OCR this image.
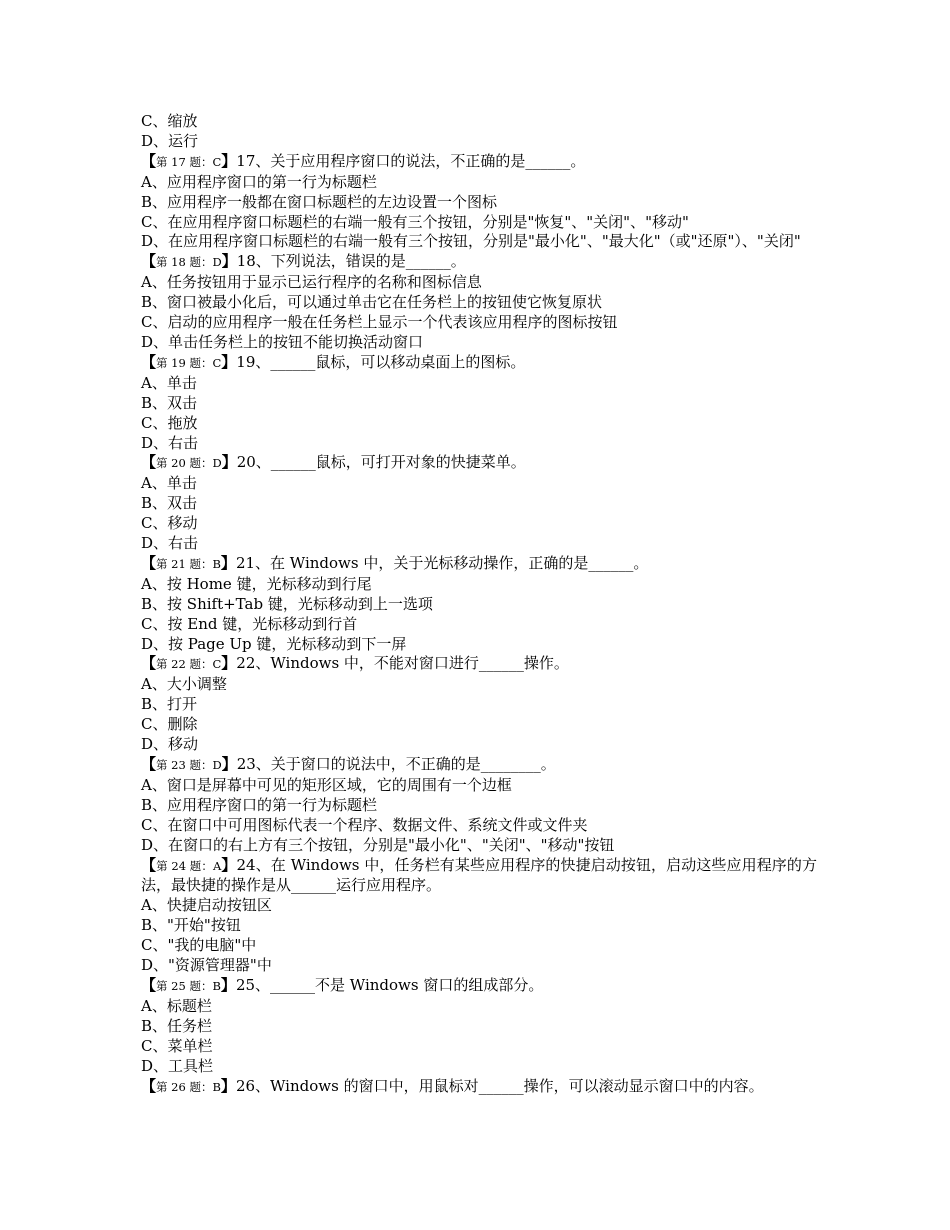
C、缩放
D、运行
【第 17 题：C】17、关于应用程序窗口的说法，不正确的是______。
A、应用程序窗口的第一行为标题栏
B、应用程序一般都在窗口标题栏的左边设置一个图标
C、在应用程序窗口标题栏的右端一般有三个按钮，分别是"恢复"、"关闭"、"移动"
D、在应用程序窗口标题栏的右端一般有三个按钮，分别是"最小化"、"最大化"（或"还原"）、"关闭"
【第 18 题：D】18、下列说法，错误的是______。
A、任务按钮用于显示已运行程序的名称和图标信息
B、窗口被最小化后，可以通过单击它在任务栏上的按钮使它恢复原状
C、启动的应用程序一般在任务栏上显示一个代表该应用程序的图标按钮
D、单击任务栏上的按钮不能切换活动窗口
【第 19 题：C】19、______鼠标，可以移动桌面上的图标。
A、单击
B、双击
C、拖放
D、右击
【第 20 题：D】20、______鼠标，可打开对象的快捷菜单。
A、单击
B、双击
C、移动
D、右击
【第 21 题：B】21、在 Windows 中，关于光标移动操作，正确的是______。
A、按 Home 键，光标移动到行尾
B、按 Shift+Tab 键，光标移动到上一选项
C、按 End 键，光标移动到行首
D、按 Page Up 键，光标移动到下一屏
【第 22 题：C】22、Windows 中，不能对窗口进行______操作。
A、大小调整
B、打开
C、删除
D、移动
【第 23 题：D】23、关于窗口的说法中，不正确的是________。
A、窗口是屏幕中可见的矩形区域，它的周围有一个边框
B、应用程序窗口的第一行为标题栏
C、在窗口中可用图标代表一个程序、数据文件、系统文件或文件夹
D、在窗口的右上方有三个按钮，分别是"最小化"、"关闭"、"移动"按钮
【第 24 题：A】24、在 Windows 中，任务栏有某些应用程序的快捷启动按钮，启动这些应用程序的方法，最快捷的操作是从______运行应用程序。
A、快捷启动按钮区
B、"开始"按钮
C、"我的电脑"中
D、"资源管理器"中
【第 25 题：B】25、______不是 Windows 窗口的组成部分。
A、标题栏
B、任务栏
C、菜单栏
D、工具栏
【第 26 题：B】26、Windows 的窗口中，用鼠标对______操作，可以滚动显示窗口中的内容。
